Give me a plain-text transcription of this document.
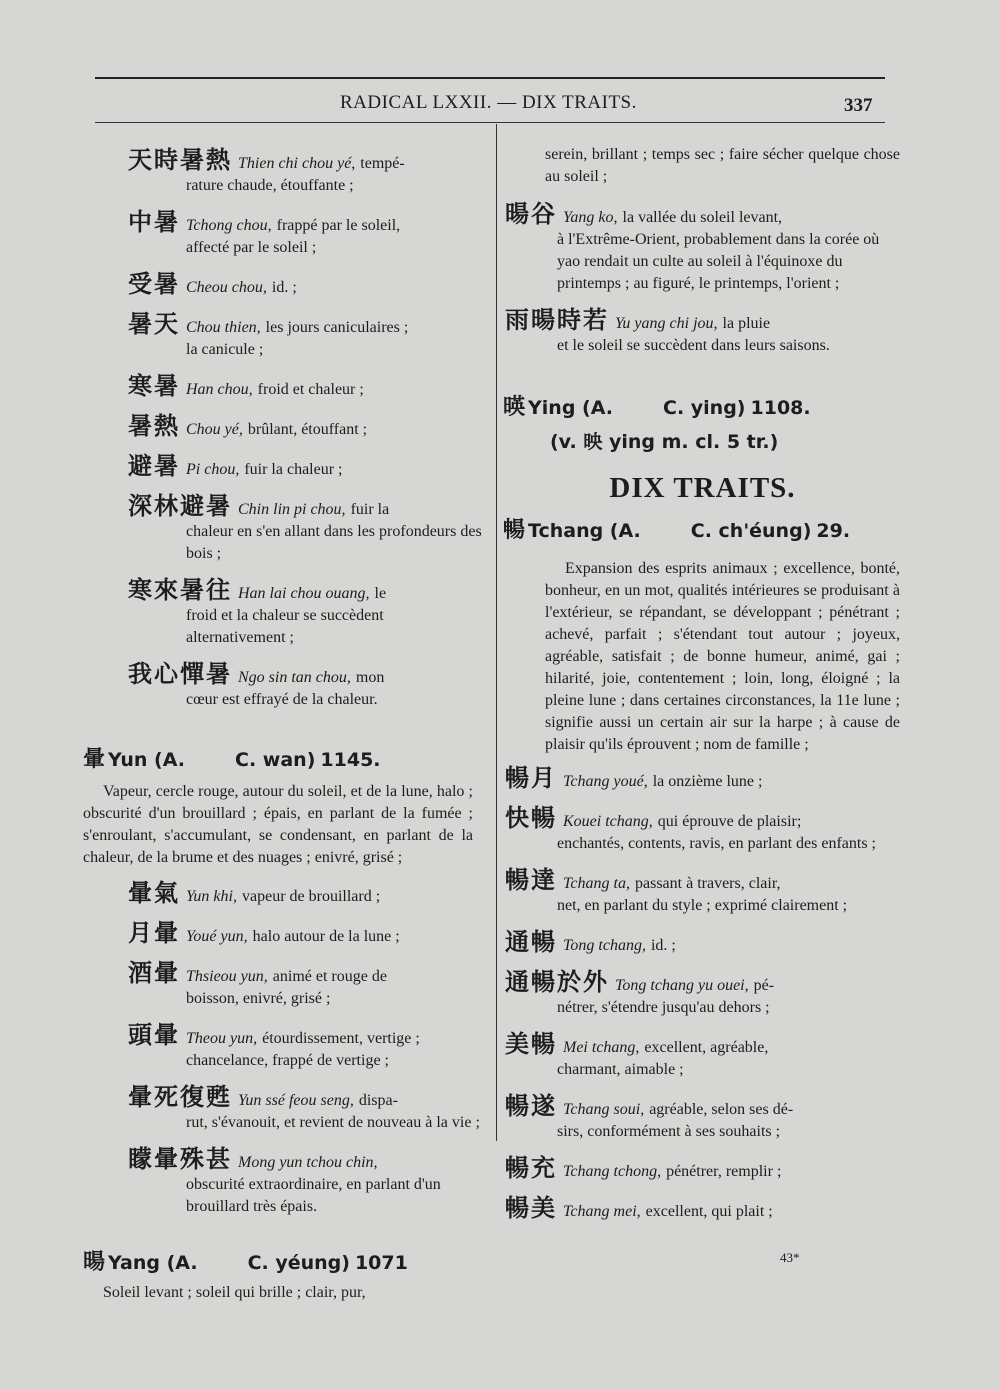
RADICAL LXXII. — DIX TRAITS.	337
天時暑熱 Thien chi chou yé, tempé-
rature chaude, étouffante ;
中暑 Tchong chou, frappé par le soleil,
affecté par le soleil ;
受暑 Cheou chou, id. ;
暑天 Chou thien, les jours caniculaires ;
la canicule ;
寒暑 Han chou, froid et chaleur ;
暑熱 Chou yé, brûlant, étouffant ;
避暑 Pi chou, fuir la chaleur ;
深林避暑 Chin lin pi chou, fuir la
chaleur en s'en allant dans les profondeurs des bois ;
寒來暑往 Han lai chou ouang, le
froid et la chaleur se succèdent alternativement ;
我心憚暑 Ngo sin tan chou, mon
cœur est effrayé de la chaleur.
暈 Yun (A.	C. wan) 1145.
Vapeur, cercle rouge, autour du soleil, et de la lune, halo ; obscurité d'un brouillard ; épais, en parlant de la fumée ; s'enroulant, s'accumulant, se condensant, en parlant de la chaleur, de la brume et des nuages ; enivré, grisé ;
暈氣 Yun khi, vapeur de brouillard ;
月暈 Youé yun, halo autour de la lune ;
酒暈 Thsieou yun, animé et rouge de
boisson, enivré, grisé ;
頭暈 Theou yun, étourdissement, vertige ;
chancelance, frappé de vertige ;
暈死復甦 Yun ssé feou seng, dispa-
rut, s'évanouit, et revient de nouveau à la vie ;
矇暈殊甚 Mong yun tchou chin,
obscurité extraordinaire, en parlant d'un brouillard très épais.
暘 Yang (A.	C. yéung) 1071
Soleil levant ; soleil qui brille ; clair, pur,
serein, brillant ; temps sec ; faire sécher quelque chose au soleil ;
暘谷 Yang ko, la vallée du soleil levant,
à l'Extrême-Orient, probablement dans la corée où yao rendait un culte au soleil à l'équinoxe du printemps ; au figuré, le printemps, l'orient ;
雨暘時若 Yu yang chi jou, la pluie
et le soleil se succèdent dans leurs saisons.
暎 Ying (A.	C. ying) 1108.
(v. 映 ying m. cl. 5 tr.)
DIX TRAITS.
暢 Tchang (A.	C. ch'éung) 29.
Expansion des esprits animaux ; excellence, bonté, bonheur, en un mot, qualités intérieures se produisant à l'extérieur, se répandant, se développant ; pénétrant ; achevé, parfait ; s'étendant tout autour ; joyeux, agréable, satisfait ; de bonne humeur, animé, gai ; hilarité, joie, contentement ; loin, long, éloigné ; la pleine lune ; dans certaines circonstances, la 11e lune ; signifie aussi un certain air sur la harpe ; à cause de plaisir qu'ils éprouvent ; nom de famille ;
暢月 Tchang youé, la onzième lune ;
快暢 Kouei tchang, qui éprouve de plaisir;
enchantés, contents, ravis, en parlant des enfants ;
暢達 Tchang ta, passant à travers, clair,
net, en parlant du style ; exprimé clairement ;
通暢 Tong tchang, id. ;
通暢於外 Tong tchang yu ouei, pé-
nétrer, s'étendre jusqu'au dehors ;
美暢 Mei tchang, excellent, agréable,
charmant, aimable ;
暢遂 Tchang soui, agréable, selon ses dé-
sirs, conformément à ses souhaits ;
暢充 Tchang tchong, pénétrer, remplir ;
暢美 Tchang mei, excellent, qui plait ;
43*
